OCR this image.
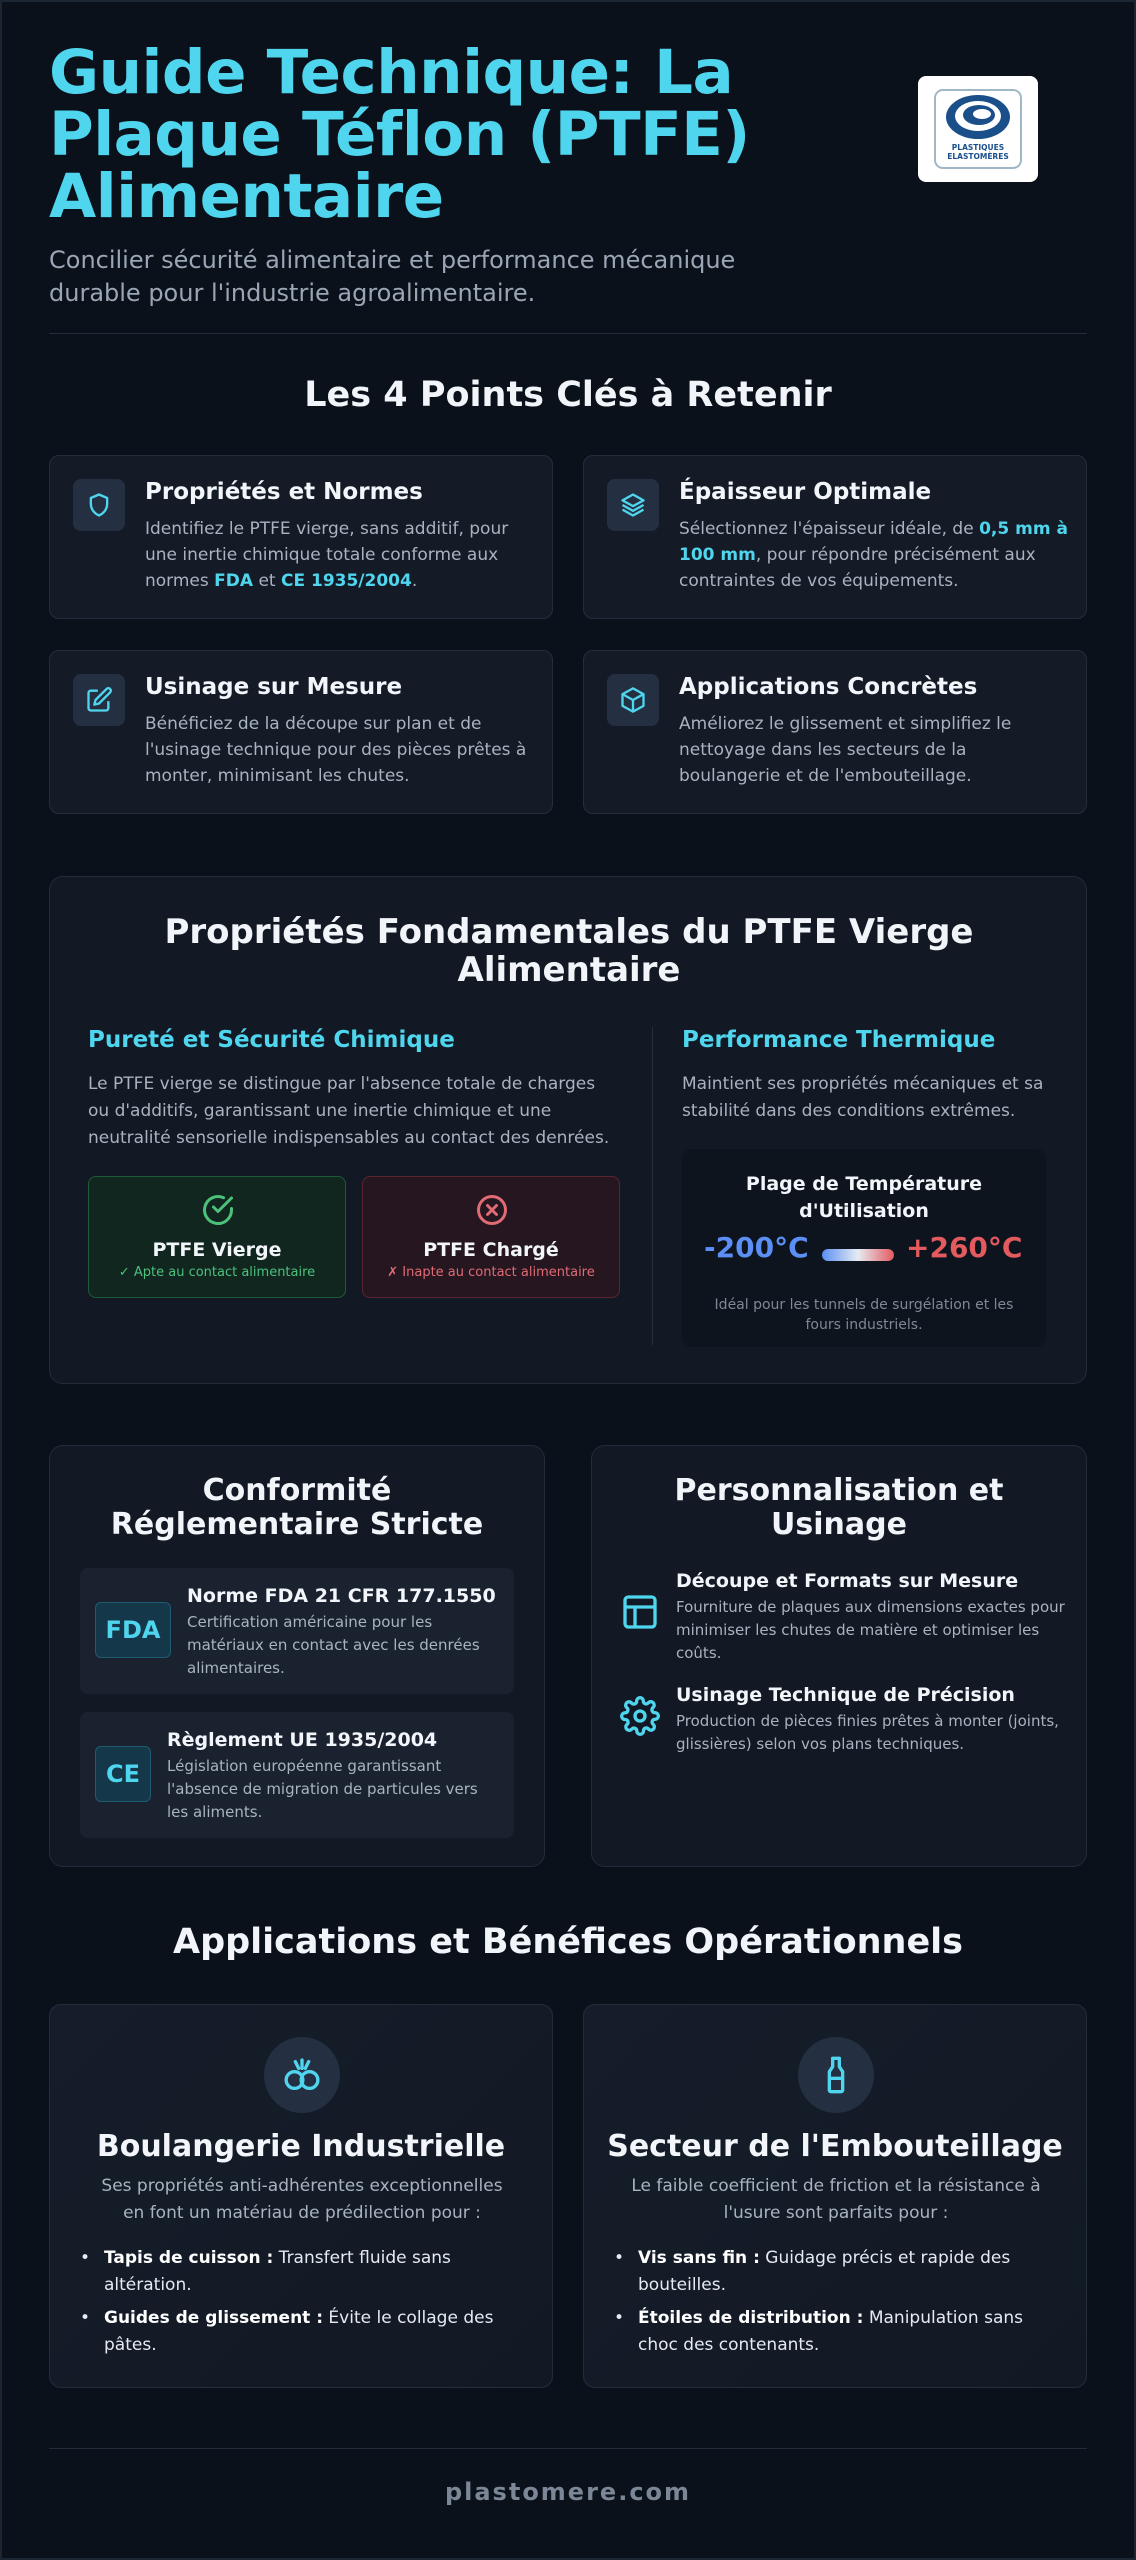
Guide Technique: La Plaque Téflon (PTFE) Alimentaire

Concilier sécurité alimentaire et performance mécanique durable pour l'industrie agroalimentaire.

PLASTIQUES
ELASTOMÈRES
Les 4 Points Clés à Retenir
Propriétés et Normes
Identifiez le PTFE vierge, sans additif, pour une inertie chimique totale conforme aux normes FDA et CE 1935/2004.
Épaisseur Optimale
Sélectionnez l'épaisseur idéale, de 0,5 mm à 100 mm, pour répondre précisément aux contraintes de vos équipements.
Usinage sur Mesure
Bénéficiez de la découpe sur plan et de l'usinage technique pour des pièces prêtes à monter, minimisant les chutes.
Applications Concrètes
Améliorez le glissement et simplifiez le nettoyage dans les secteurs de la boulangerie et de l'embouteillage.
Propriétés Fondamentales du PTFE Vierge Alimentaire
Pureté et Sécurité Chimique
Le PTFE vierge se distingue par l'absence totale de charges ou d'additifs, garantissant une inertie chimique et une neutralité sensorielle indispensables au contact des denrées.
PTFE Vierge
✓ Apte au contact alimentaire
PTFE Chargé
✗ Inapte au contact alimentaire
Performance Thermique
Maintient ses propriétés mécaniques et sa stabilité dans des conditions extrêmes.
Plage de Température d'Utilisation
-200°C	+260°C
Idéal pour les tunnels de surgélation et les fours industriels.
Conformité Réglementaire Stricte
FDA
Norme FDA 21 CFR 177.1550
Certification américaine pour les matériaux en contact avec les denrées alimentaires.
CE
Règlement UE 1935/2004
Législation européenne garantissant l'absence de migration de particules vers les aliments.
Personnalisation et Usinage
Découpe et Formats sur Mesure
Fourniture de plaques aux dimensions exactes pour minimiser les chutes de matière et optimiser les coûts.
Usinage Technique de Précision
Production de pièces finies prêtes à monter (joints, glissières) selon vos plans techniques.
Applications et Bénéfices Opérationnels
Boulangerie Industrielle
Ses propriétés anti-adhérentes exceptionnelles en font un matériau de prédilection pour :
• Tapis de cuisson : Transfert fluide sans altération.
• Guides de glissement : Évite le collage des pâtes.
Secteur de l'Embouteillage
Le faible coefficient de friction et la résistance à l'usure sont parfaits pour :
• Vis sans fin : Guidage précis et rapide des bouteilles.
• Étoiles de distribution : Manipulation sans choc des contenants.
plastomere.com
